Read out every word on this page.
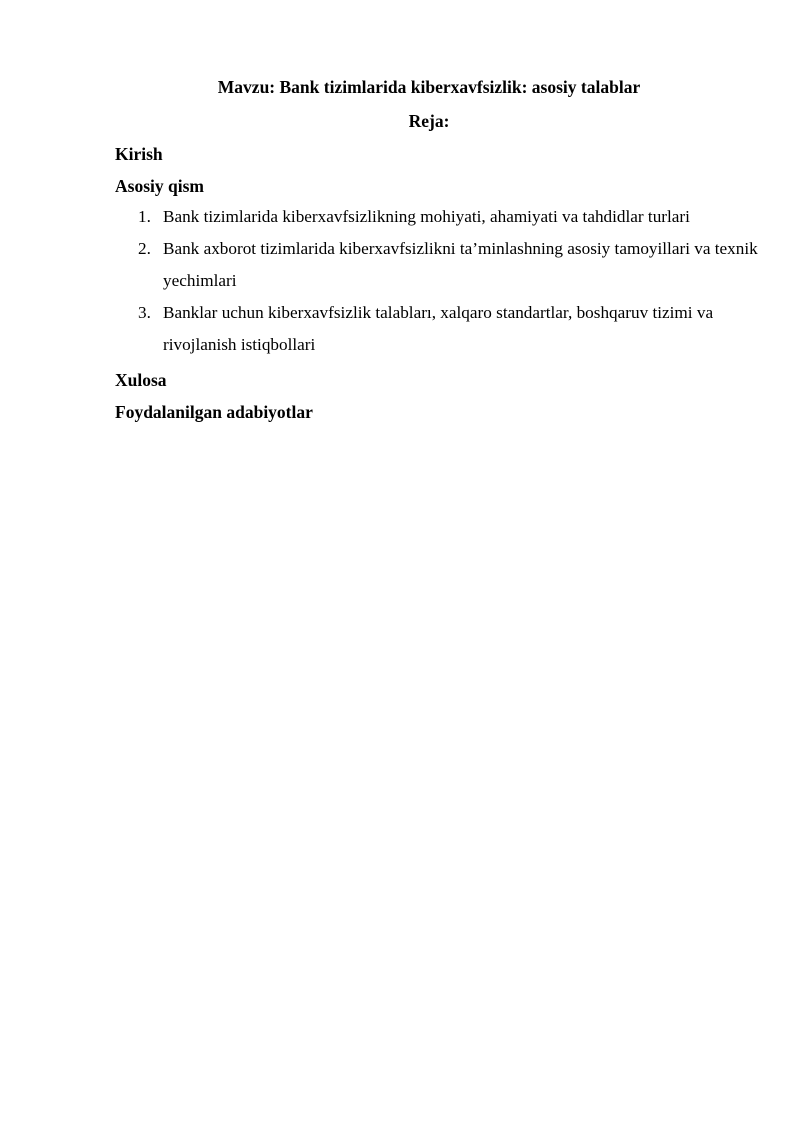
Mavzu: Bank tizimlarida kiberxavfsizlik: asosiy talablar
Reja:
Kirish
Asosiy qism
1. Bank tizimlarida kiberxavfsizlikning mohiyati, ahamiyati va tahdidlar turlari
2. Bank axborot tizimlarida kiberxavfsizlikni ta’minlashning asosiy tamoyillari va texnik yechimlari
3. Banklar uchun kiberxavfsizlik talabları, xalqaro standartlar, boshqaruv tizimi va rivojlanish istiqbollari
Xulosa
Foydalanilgan adabiyotlar
